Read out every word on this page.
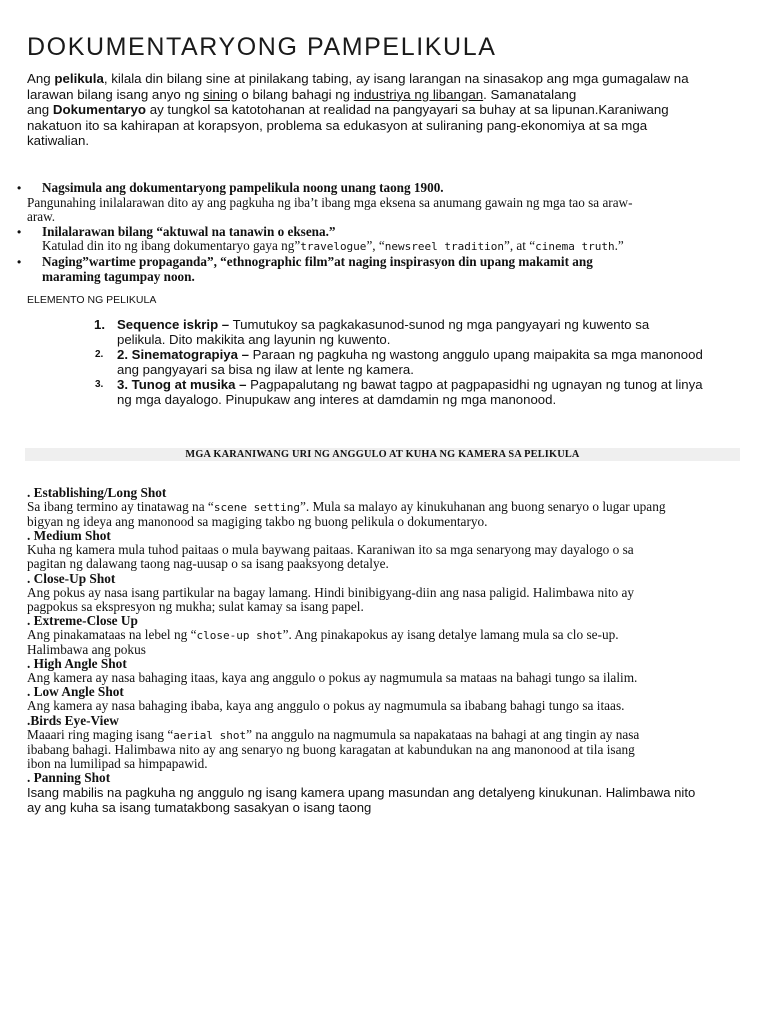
DOKUMENTARYONG PAMPELIKULA
Ang pelikula, kilala din bilang sine at pinilakang tabing, ay isang larangan na sinasakop ang mga gumagalaw na
larawan bilang isang anyo ng sining o bilang bahagi ng industriya ng libangan. Samanatalang
ang Dokumentaryo ay tungkol sa katotohanan at realidad na pangyayari sa buhay at sa lipunan.Karaniwang
nakatuon ito sa kahirapan at korapsyon, problema sa edukasyon at suliraning pang-ekonomiya at sa mga
katiwalian.
•	Nagsimula ang dokumentaryong pampelikula noong unang taong 1900.
Pangunahing inilalarawan dito ay ang pagkuha ng iba’t ibang mga eksena sa anumang gawain ng mga tao sa araw-
araw.
•	Inilalarawan bilang “aktuwal na tanawin o eksena.”
Katulad din ito ng ibang dokumentaryo gaya ng”travelogue”, “newsreel tradition”, at “cinema truth.”
•	Naging”wartime propaganda”, “ethnographic film”at naging inspirasyon din upang makamit ang
maraming tagumpay noon.
ELEMENTO NG PELIKULA
1. Sequence iskrip – Tumutukoy sa pagkakasunod-sunod ng mga pangyayari ng kuwento sa
pelikula. Dito makikita ang layunin ng kuwento.
2. 2. Sinematograpiya – Paraan ng pagkuha ng wastong anggulo upang maipakita sa mga manonood
ang pangyayari sa bisa ng ilaw at lente ng kamera.
3. 3. Tunog at musika – Pagpapalutang ng bawat tagpo at pagpapasidhi ng ugnayan ng tunog at linya
ng mga dayalogo. Pinupukaw ang interes at damdamin ng mga manonood.
MGA KARANIWANG URI NG ANGGULO AT KUHA NG KAMERA SA PELIKULA
. Establishing/Long Shot
Sa ibang termino ay tinatawag na “scene setting”. Mula sa malayo ay kinukuhanan ang buong senaryo o lugar upang
bigyan ng ideya ang manonood sa magiging takbo ng buong pelikula o dokumentaryo.
. Medium Shot
Kuha ng kamera mula tuhod paitaas o mula baywang paitaas. Karaniwan ito sa mga senaryong may dayalogo o sa
pagitan ng dalawang taong nag-uusap o sa isang paaksyong detalye.
. Close-Up Shot
Ang pokus ay nasa isang partikular na bagay lamang. Hindi binibigyang-diin ang nasa paligid. Halimbawa nito ay
pagpokus sa ekspresyon ng mukha; sulat kamay sa isang papel.
. Extreme-Close Up
Ang pinakamataas na lebel ng “close-up shot”. Ang pinakapokus ay isang detalye lamang mula sa clo se-up.
Halimbawa ang pokus
. High Angle Shot
Ang kamera ay nasa bahaging itaas, kaya ang anggulo o pokus ay nagmumula sa mataas na bahagi tungo sa ilalim.
. Low Angle Shot
Ang kamera ay nasa bahaging ibaba, kaya ang anggulo o pokus ay nagmumula sa ibabang bahagi tungo sa itaas.
.Birds Eye-View
Maaari ring maging isang “aerial shot” na anggulo na nagmumula sa napakataas na bahagi at ang tingin ay nasa
ibabang bahagi. Halimbawa nito ay ang senaryo ng buong karagatan at kabundukan na ang manonood at tila isang
ibon na lumilipad sa himpapawid.
. Panning Shot
Isang mabilis na pagkuha ng anggulo ng isang kamera upang masundan ang detalyeng kinukunan. Halimbawa nito
ay ang kuha sa isang tumatakbong sasakyan o isang taong
